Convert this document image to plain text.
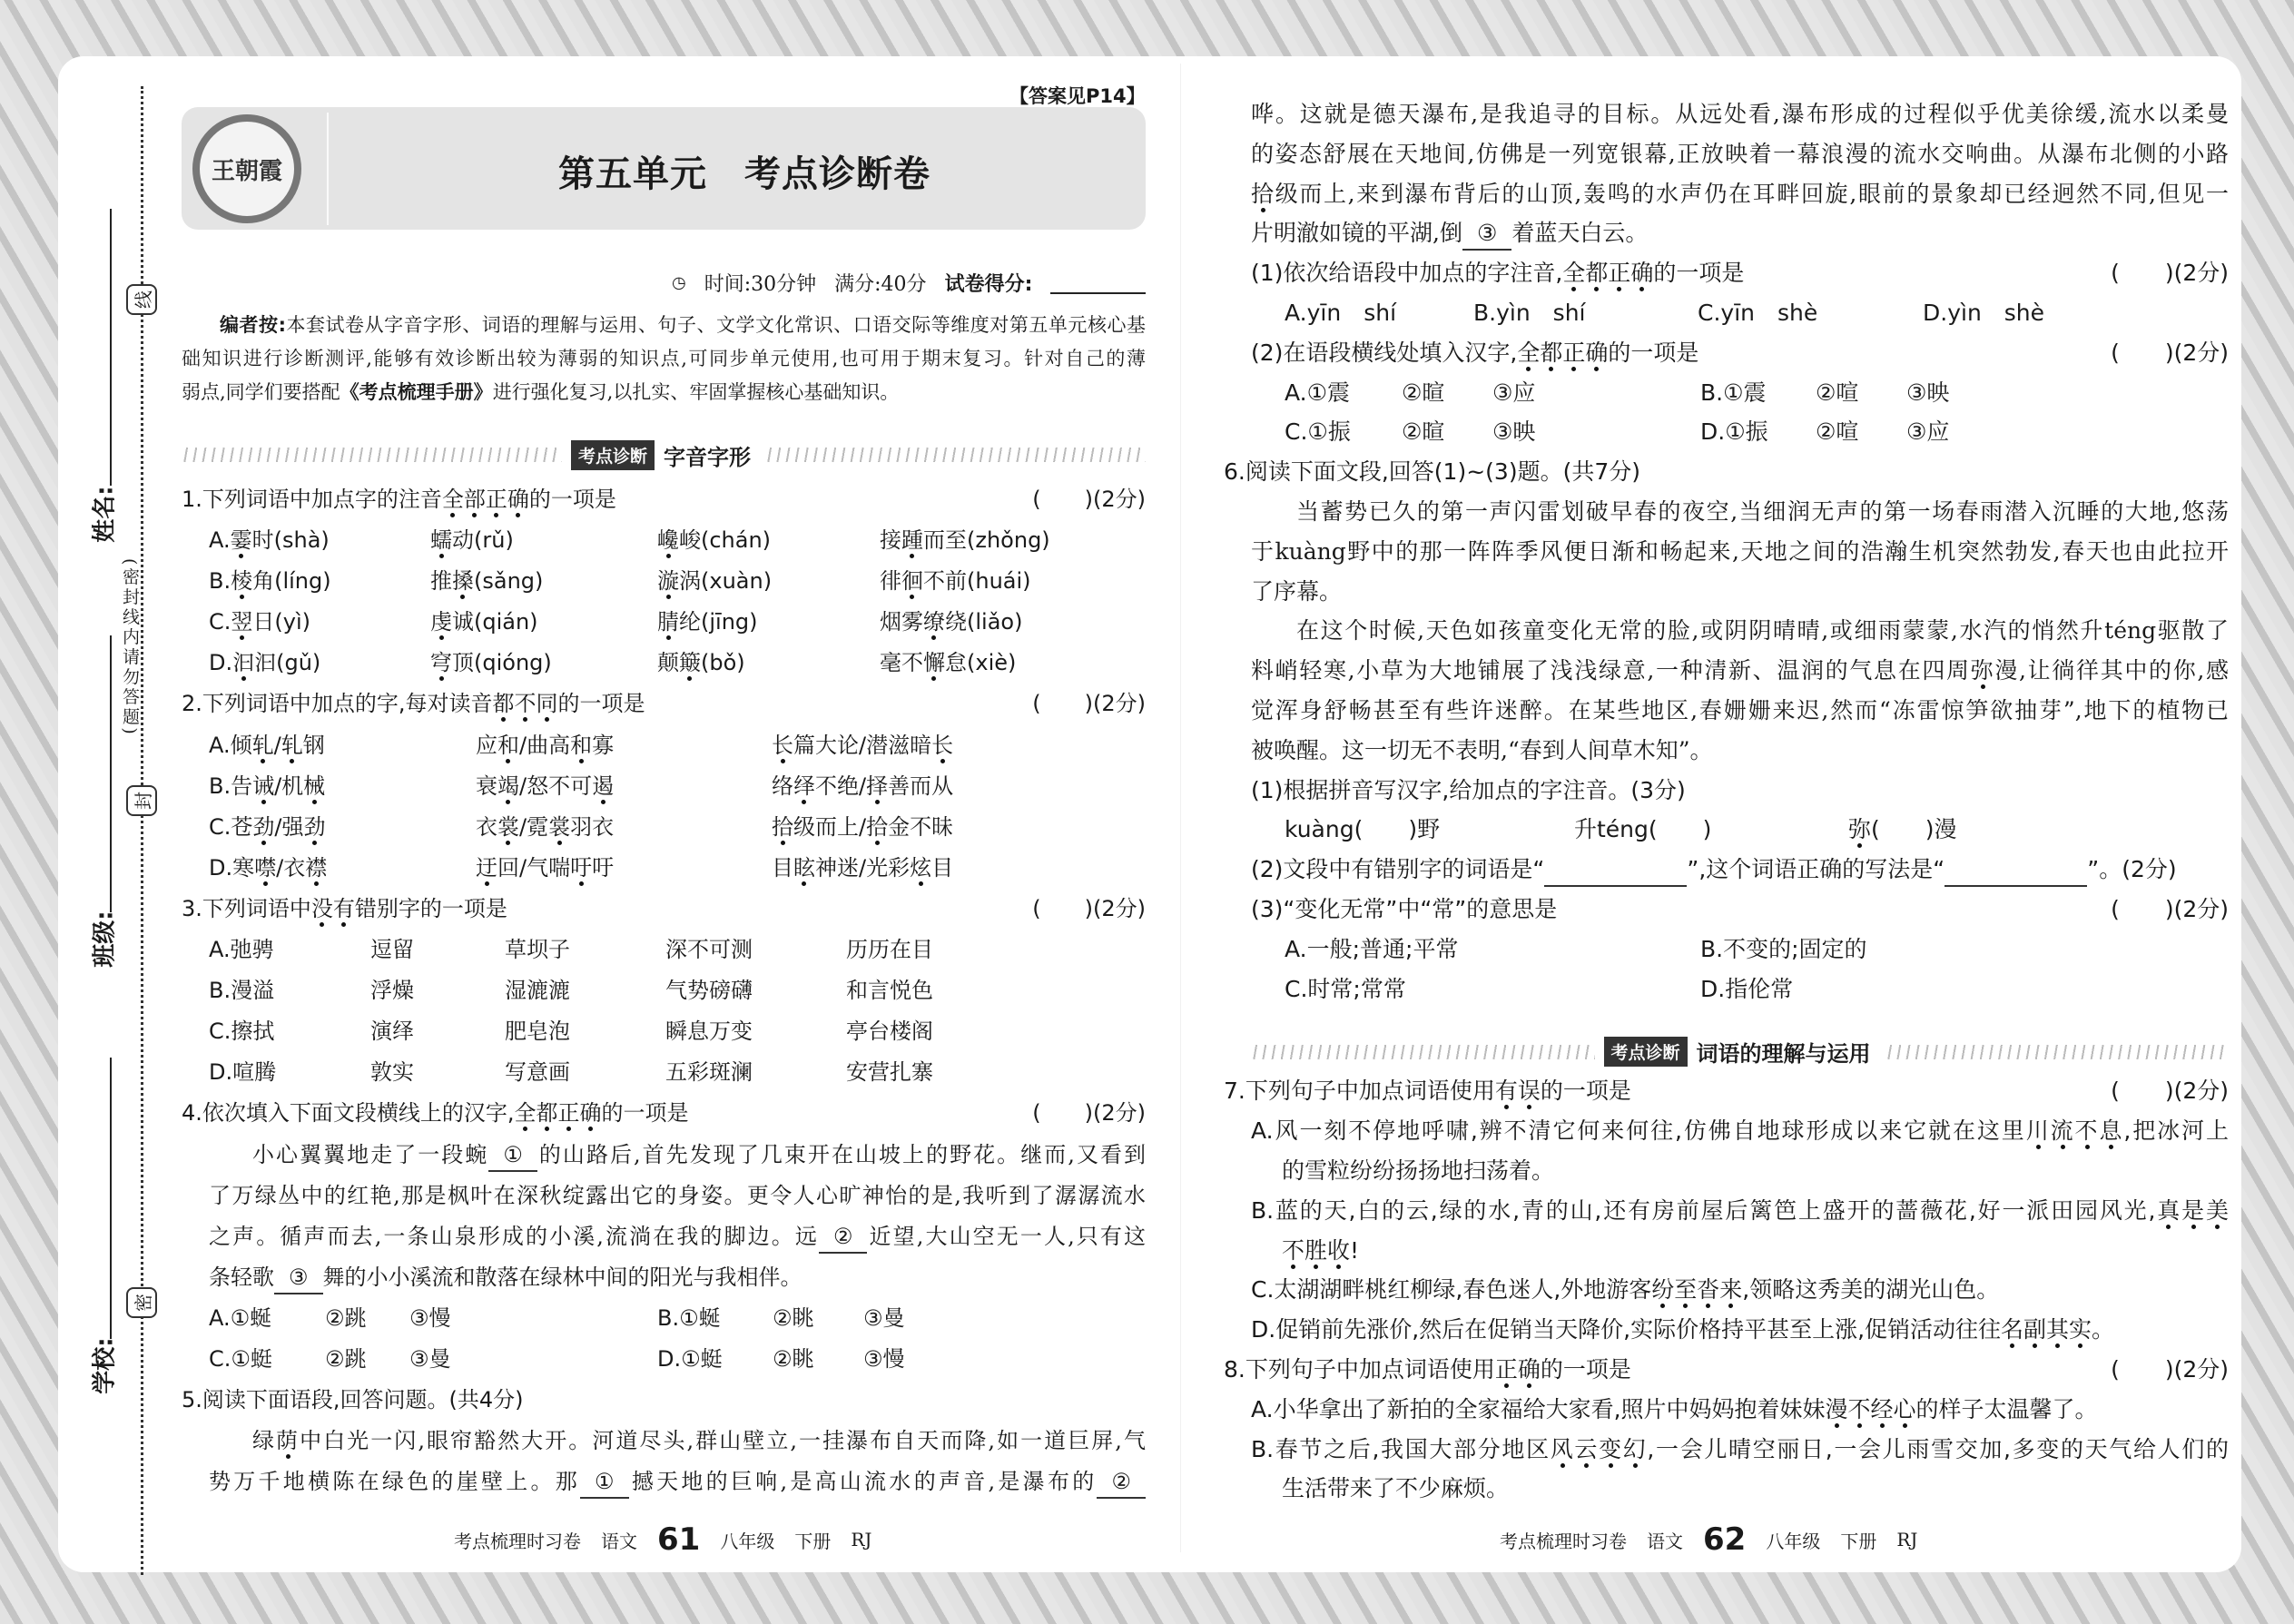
线
封
密
(密封线内请勿答题)
姓名:
班级:
学校:
【答案见P14】
王朝霞	第五单元　考点诊断卷
◷ 时间:30分钟 满分:40分 试卷得分:
编者按:本套试卷从字音字形、词语的理解与运用、句子、文学文化常识、口语交际等维度对第五单元核心基
础知识进行诊断测评,能够有效诊断出较为薄弱的知识点,可同步单元使用,也可用于期末复习。针对自己的薄
弱点,同学们要搭配《考点梳理手册》进行强化复习,以扎实、牢固掌握核心基础知识。
考点诊断 字音字形
1.下列词语中加点字的注音全部正确的一项是	(　　)(2分)
A.霎时(shà)	蠕动(rǔ)	巉峻(chán)	接踵而至(zhǒng)
B.棱角(líng)	推搡(sǎng)	漩涡(xuàn)	徘徊不前(huái)
C.翌日(yì)	虔诚(qián)	腈纶(jīng)	烟雾缭绕(liǎo)
D.汩汩(gǔ)	穹顶(qióng)	颠簸(bǒ)	毫不懈怠(xiè)
2.下列词语中加点的字,每对读音都不同的一项是	(　　)(2分)
A.倾轧/轧钢	应和/曲高和寡	长篇大论/潜滋暗长
B.告诫/机械	衰竭/怒不可遏	络绎不绝/择善而从
C.苍劲/强劲	衣裳/霓裳羽衣	拾级而上/拾金不昧
D.寒噤/衣襟	迂回/气喘吁吁	目眩神迷/光彩炫目
3.下列词语中没有错别字的一项是	(　　)(2分)
A.弛骋	逗留	草坝子	深不可测	历历在目
B.漫溢	浮燥	湿漉漉	气势磅礴	和言悦色
C.擦拭	演绎	肥皂泡	瞬息万变	亭台楼阁
D.喧腾	敦实	写意画	五彩斑澜	安营扎寨
4.依次填入下面文段横线上的汉字,全都正确的一项是	(　　)(2分)
小心翼翼地走了一段蜿 ① 的山路后,首先发现了几束开在山坡上的野花。继而,又看到
了万绿丛中的红艳,那是枫叶在深秋绽露出它的身姿。更令人心旷神怡的是,我听到了潺潺流水
之声。循声而去,一条山泉形成的小溪,流淌在我的脚边。远 ② 近望,大山空无一人,只有这
条轻歌 ③ 舞的小小溪流和散落在绿林中间的阳光与我相伴。
A.①蜒 ②跳 ③慢	B.①蜒 ②眺 ③曼
C.①蜓 ②跳 ③曼	D.①蜓 ②眺 ③慢
5.阅读下面语段,回答问题。(共4分)
绿荫中白光一闪,眼帘豁然大开。河道尽头,群山壁立,一挂瀑布自天而降,如一道巨屏,气
势万千地横陈在绿色的崖壁上。那 ① 撼天地的巨响,是高山流水的声音,是瀑布的 ②
哗。这就是德天瀑布,是我追寻的目标。从远处看,瀑布形成的过程似乎优美徐缓,流水以柔曼
的姿态舒展在天地间,仿佛是一列宽银幕,正放映着一幕浪漫的流水交响曲。从瀑布北侧的小路
拾级而上,来到瀑布背后的山顶,轰鸣的水声仍在耳畔回旋,眼前的景象却已经迥然不同,但见一
片明澈如镜的平湖,倒 ③ 着蓝天白云。
(1)依次给语段中加点的字注音,全都正确的一项是	(　　)(2分)
A.yīn　shí	B.yìn　shí	C.yīn　shè	D.yìn　shè
(2)在语段横线处填入汉字,全都正确的一项是	(　　)(2分)
A.①震 ②暄 ③应	B.①震 ②喧 ③映
C.①振 ②暄 ③映	D.①振 ②喧 ③应
6.阅读下面文段,回答(1)~(3)题。(共7分)
当蓄势已久的第一声闪雷划破早春的夜空,当细润无声的第一场春雨潜入沉睡的大地,悠荡
于kuàng野中的那一阵阵季风便日渐和畅起来,天地之间的浩瀚生机突然勃发,春天也由此拉开
了序幕。
在这个时候,天色如孩童变化无常的脸,或阴阴晴晴,或细雨蒙蒙,水汽的悄然升téng驱散了
料峭轻寒,小草为大地铺展了浅浅绿意,一种清新、温润的气息在四周弥漫,让徜徉其中的你,感
觉浑身舒畅甚至有些许迷醉。在某些地区,春姗姗来迟,然而“冻雷惊笋欲抽芽”,地下的植物已
被唤醒。这一切无不表明,“春到人间草木知”。
(1)根据拼音写汉字,给加点的字注音。(3分)
kuàng(　　)野	升téng(　　)	弥(　　)漫
(2)文段中有错别字的词语是“　　　　　	”,这个词语正确的写法是“　　　　　	”。(2分)
(3)“变化无常”中“常”的意思是	(　　)(2分)
A.一般;普通;平常	B.不变的;固定的
C.时常;常常	D.指伦常
考点诊断 词语的理解与运用
7.下列句子中加点词语使用有误的一项是	(　　)(2分)
A.风一刻不停地呼啸,辨不清它何来何往,仿佛自地球形成以来它就在这里川流不息,把冰河上
的雪粒纷纷扬扬地扫荡着。
B.蓝的天,白的云,绿的水,青的山,还有房前屋后篱笆上盛开的蔷薇花,好一派田园风光,真是美
不胜收!
C.太湖湖畔桃红柳绿,春色迷人,外地游客纷至沓来,领略这秀美的湖光山色。
D.促销前先涨价,然后在促销当天降价,实际价格持平甚至上涨,促销活动往往名副其实。
8.下列句子中加点词语使用正确的一项是	(　　)(2分)
A.小华拿出了新拍的全家福给大家看,照片中妈妈抱着妹妹漫不经心的样子太温馨了。
B.春节之后,我国大部分地区风云变幻,一会儿晴空丽日,一会儿雨雪交加,多变的天气给人们的
生活带来了不少麻烦。
考点梳理时习卷 语文 61 八年级 下册 RJ	考点梳理时习卷 语文 62 八年级 下册 RJ
